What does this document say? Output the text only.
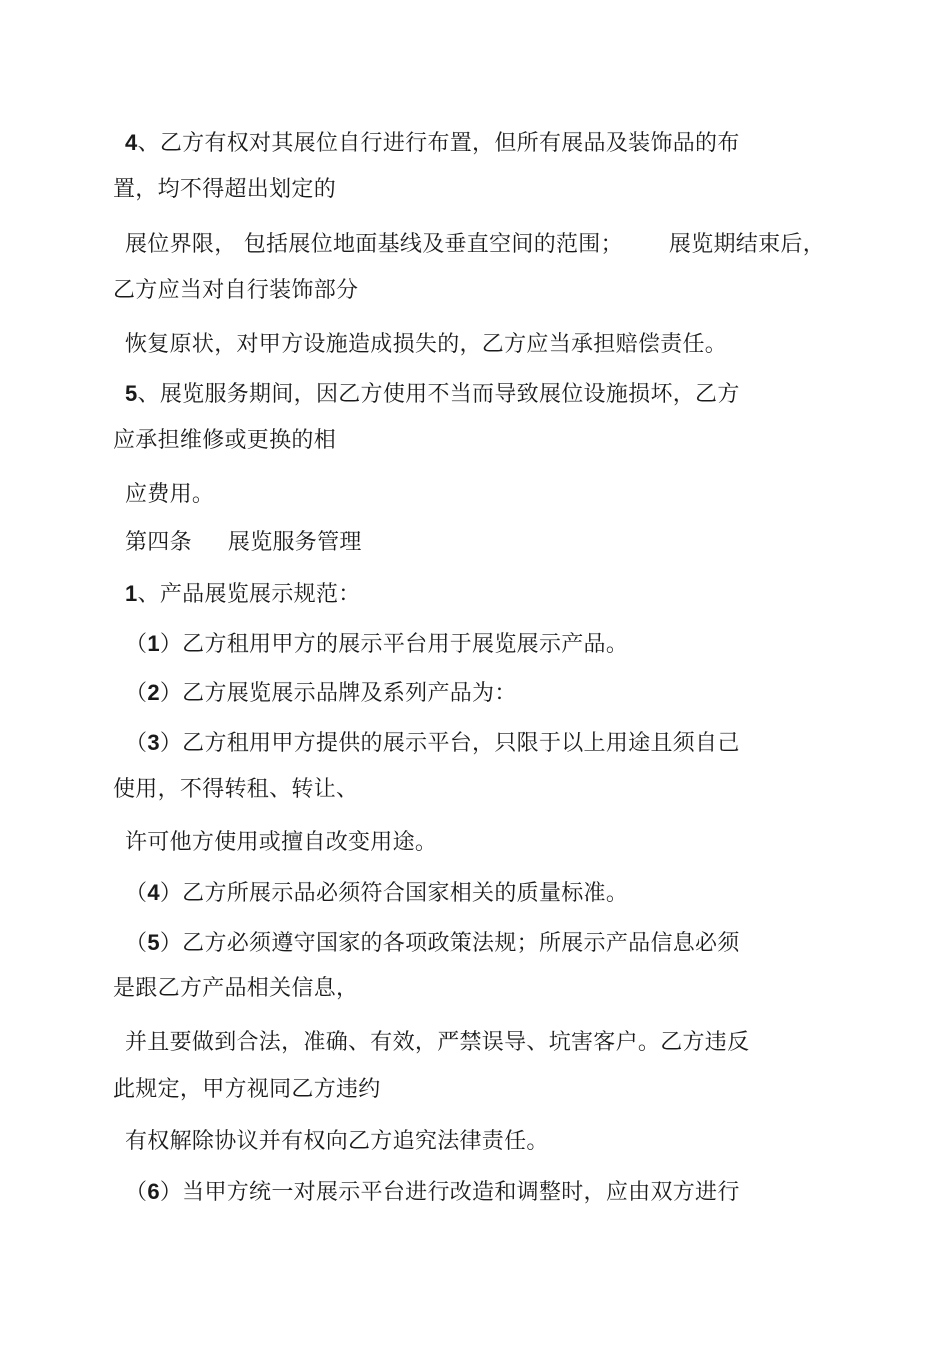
4、乙方有权对其展位自行进行布置，但所有展品及装饰品的布
置，均不得超出划定的
展位界限， 包括展位地面基线及垂直空间的范围； 展览期结束后，
乙方应当对自行装饰部分
恢复原状，对甲方设施造成损失的，乙方应当承担赔偿责任。
5、展览服务期间，因乙方使用不当而导致展位设施损坏，乙方
应承担维修或更换的相
应费用。
第四条 展览服务管理
1、产品展览展示规范：
（1）乙方租用甲方的展示平台用于展览展示产品。
（2）乙方展览展示品牌及系列产品为：
（3）乙方租用甲方提供的展示平台，只限于以上用途且须自己
使用，不得转租、转让、
许可他方使用或擅自改变用途。
（4）乙方所展示品必须符合国家相关的质量标准。
（5）乙方必须遵守国家的各项政策法规；所展示产品信息必须
是跟乙方产品相关信息，
并且要做到合法，准确、有效，严禁误导、坑害客户。乙方违反
此规定，甲方视同乙方违约
有权解除协议并有权向乙方追究法律责任。
（6）当甲方统一对展示平台进行改造和调整时，应由双方进行
